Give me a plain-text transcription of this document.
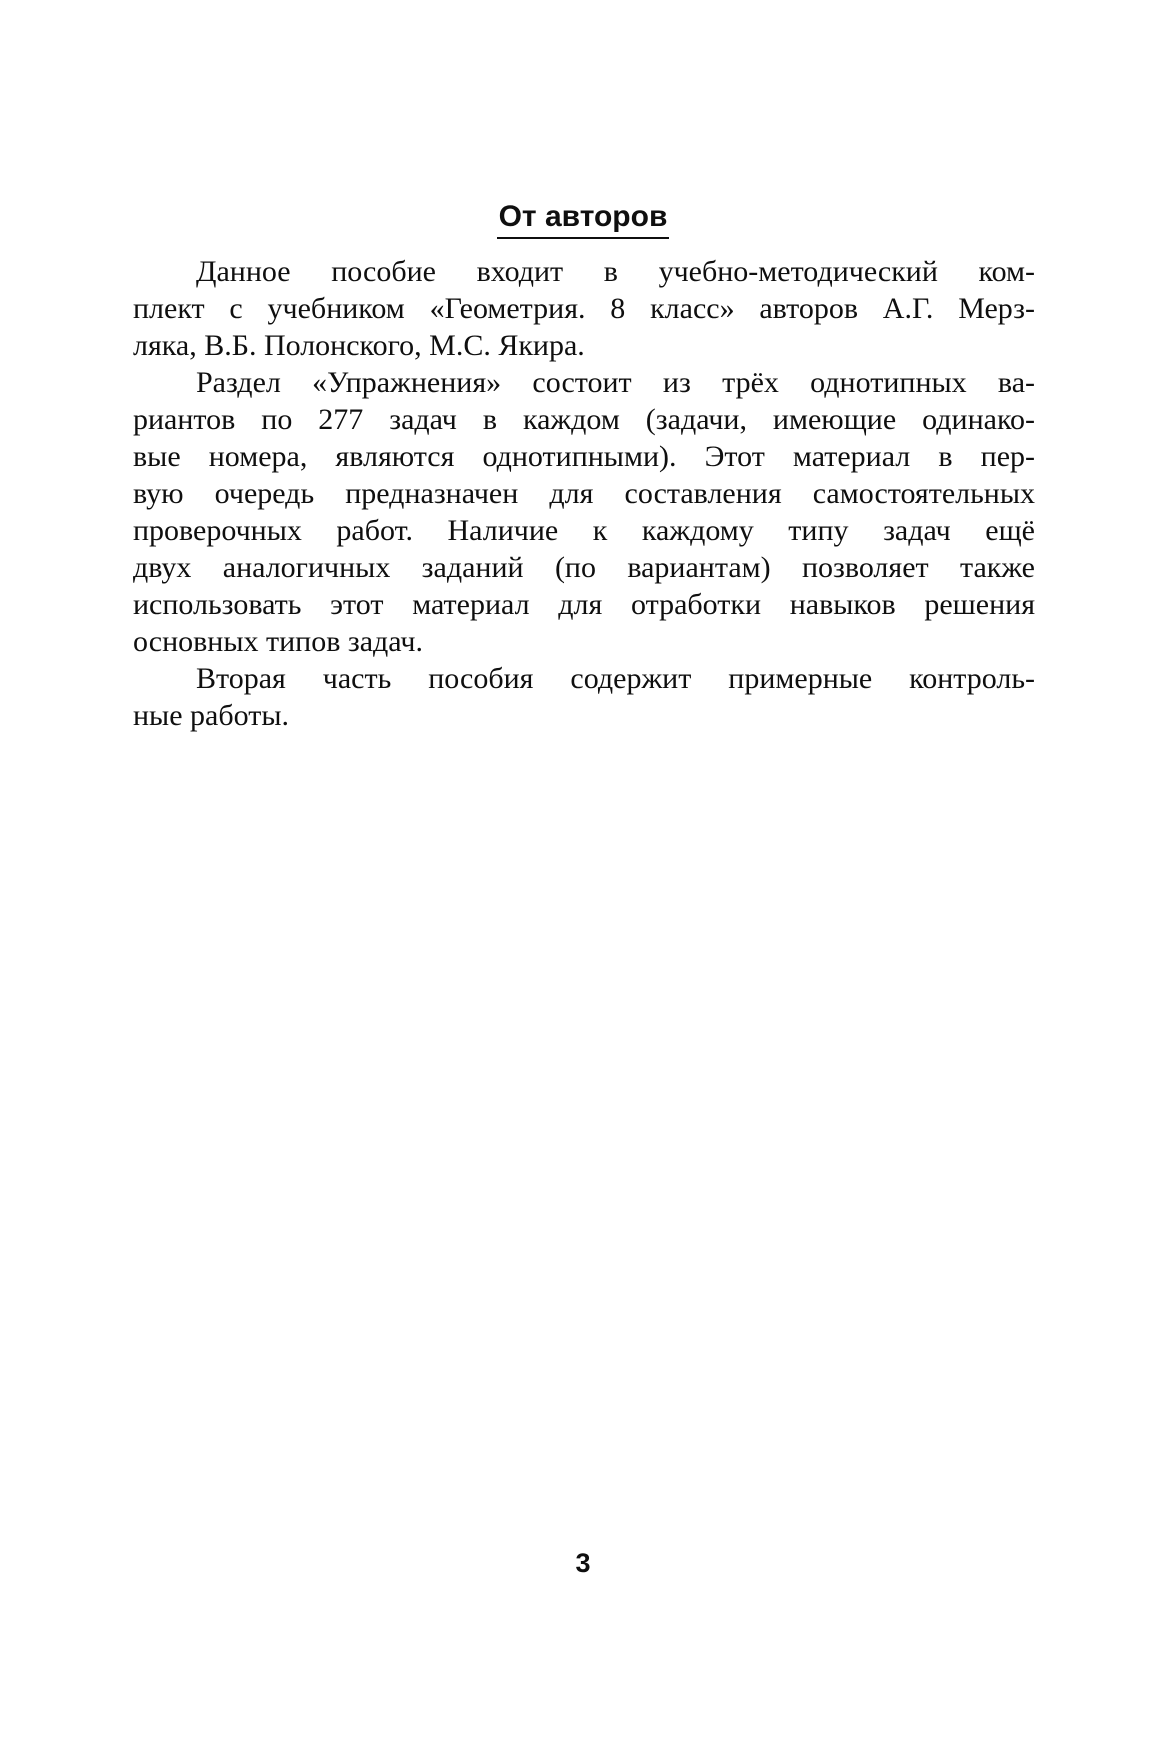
От авторов
Данное пособие входит в учебно-методический ком-
плект с учебником «Геометрия. 8 класс» авторов А.Г. Мерз-
ляка, В.Б. Полонского, М.С. Якира.
Раздел «Упражнения» состоит из трёх однотипных ва-
риантов по 277 задач в каждом (задачи, имеющие одинако-
вые номера, являются однотипными). Этот материал в пер-
вую очередь предназначен для составления самостоятельных
проверочных работ. Наличие к каждому типу задач ещё
двух аналогичных заданий (по вариантам) позволяет также
использовать этот материал для отработки навыков решения
основных типов задач.
Вторая часть пособия содержит примерные контроль-
ные работы.
3
